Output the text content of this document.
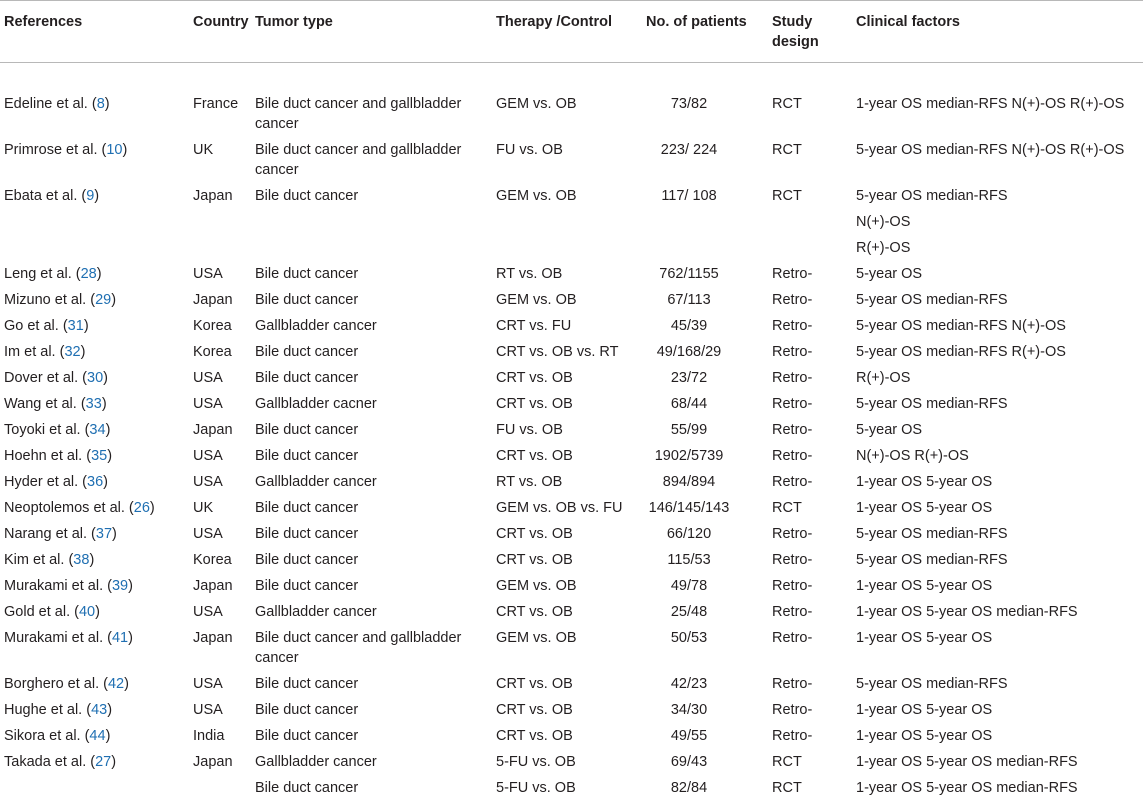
References	Country	Tumor type	Therapy /Control	No. of patients	Study design	Clinical factors
Edeline et al. (8)	France	Bile duct cancer and gallbladder cancer	GEM vs. OB	73/82	RCT	1-year OS median-RFS N(+)-OS R(+)-OS

Primrose et al. (10)	UK	Bile duct cancer and gallbladder cancer	FU vs. OB	223/ 224	RCT	5-year OS median-RFS N(+)-OS R(+)-OS

Ebata et al. (9)	Japan	Bile duct cancer	GEM vs. OB	117/ 108	RCT	5-year OS median-RFS
N(+)-OS
R(+)-OS

Leng et al. (28)	USA	Bile duct cancer	RT vs. OB	762/1155	Retro-	5-year OS

Mizuno et al. (29)	Japan	Bile duct cancer	GEM vs. OB	67/113	Retro-	5-year OS median-RFS

Go et al. (31)	Korea	Gallbladder cancer	CRT vs. FU	45/39	Retro-	5-year OS median-RFS N(+)-OS

Im et al. (32)	Korea	Bile duct cancer	CRT vs. OB vs. RT	49/168/29	Retro-	5-year OS median-RFS R(+)-OS

Dover et al. (30)	USA	Bile duct cancer	CRT vs. OB	23/72	Retro-	R(+)-OS

Wang et al. (33)	USA	Gallbladder cacner	CRT vs. OB	68/44	Retro-	5-year OS median-RFS

Toyoki et al. (34)	Japan	Bile duct cancer	FU vs. OB	55/99	Retro-	5-year OS

Hoehn et al. (35)	USA	Bile duct cancer	CRT vs. OB	1902/5739	Retro-	N(+)-OS R(+)-OS

Hyder et al. (36)	USA	Gallbladder cancer	RT vs. OB	894/894	Retro-	1-year OS 5-year OS

Neoptolemos et al. (26)	UK	Bile duct cancer	GEM vs. OB vs. FU	146/145/143	RCT	1-year OS 5-year OS

Narang et al. (37)	USA	Bile duct cancer	CRT vs. OB	66/120	Retro-	5-year OS median-RFS

Kim et al. (38)	Korea	Bile duct cancer	CRT vs. OB	115/53	Retro-	5-year OS median-RFS

Murakami et al. (39)	Japan	Bile duct cancer	GEM vs. OB	49/78	Retro-	1-year OS 5-year OS

Gold et al. (40)	USA	Gallbladder cancer	CRT vs. OB	25/48	Retro-	1-year OS 5-year OS median-RFS

Murakami et al. (41)	Japan	Bile duct cancer and gallbladder cancer	GEM vs. OB	50/53	Retro-	1-year OS 5-year OS

Borghero et al. (42)	USA	Bile duct cancer	CRT vs. OB	42/23	Retro-	5-year OS median-RFS

Hughe et al. (43)	USA	Bile duct cancer	CRT vs. OB	34/30	Retro-	1-year OS 5-year OS

Sikora et al. (44)	India	Bile duct cancer	CRT vs. OB	49/55	Retro-	1-year OS 5-year OS

Takada et al. (27)	Japan	Gallbladder cancer	5-FU vs. OB	69/43	RCT	1-year OS 5-year OS median-RFS

		Bile duct cancer	5-FU vs. OB	82/84	RCT	1-year OS 5-year OS median-RFS
